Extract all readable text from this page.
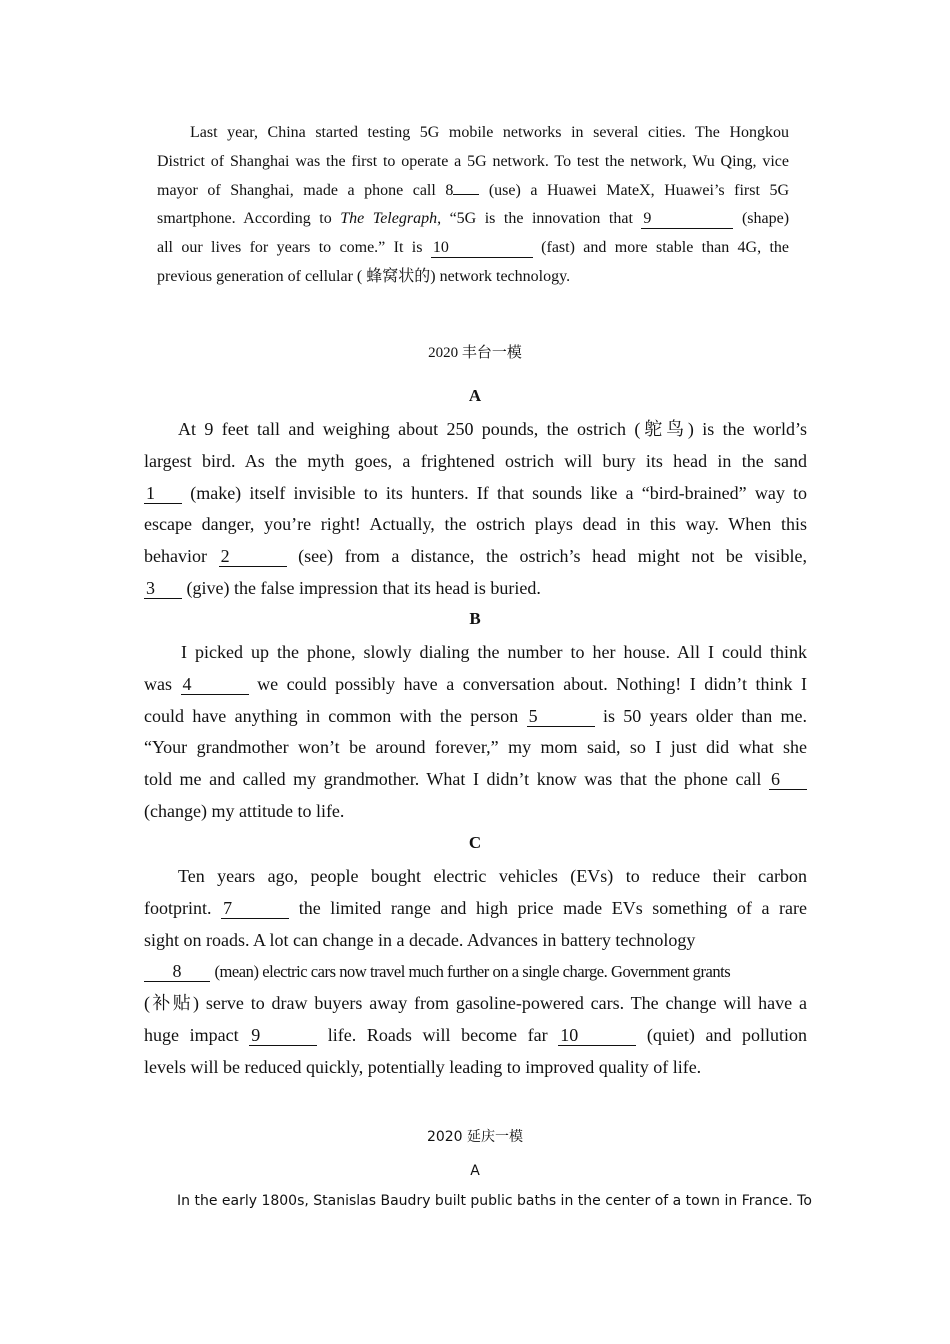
Last year, China started testing 5G mobile networks in several cities. The Hongkou

District of Shanghai was the first to operate a 5G network. To test the network, Wu Qing, vice

mayor of Shanghai, made a phone call 8 (use) a Huawei MateX, Huawei’s first 5G

smartphone. According to The Telegraph, “5G is the innovation that 9	(shape)

all our lives for years to come.” It is 10	(fast) and more stable than 4G, the

previous generation of cellular ( 蜂窝状的) network technology.

2020 丰台一模
A

At 9 feet tall and weighing about 250 pounds, the ostrich (鸵鸟) is the world’s

largest bird. As the myth goes, a frightened ostrich will bury its head in the sand

1 (make) itself invisible to its hunters. If that sounds like a “bird-brained” way to

escape danger, you’re right! Actually, the ostrich plays dead in this way. When this

behavior 2	(see) from a distance, the ostrich’s head might not be visible,

3 (give) the false impression that its head is buried.

B

I picked up the phone, slowly dialing the number to her house. All I could think

was 4	we could possibly have a conversation about. Nothing! I didn’t think I

could have anything in common with the person 5	is 50 years older than me.

“Your grandmother won’t be around forever,” my mom said, so I just did what she

told me and called my grandmother. What I didn’t know was that the phone call 6

(change) my attitude to life.

C

Ten years ago, people bought electric vehicles (EVs) to reduce their carbon

footprint. 7	the limited range and high price made EVs something of a rare

sight on roads. A lot can change in a decade. Advances in battery technology

8 (mean) electric cars now travel much further on a single charge. Government grants

(补贴) serve to draw buyers away from gasoline-powered cars. The change will have a

huge impact 9	life. Roads will become far 10	(quiet) and pollution

levels will be reduced quickly, potentially leading to improved quality of life.

2020 延庆一模
A
In the early 1800s, Stanislas Baudry built public baths in the center of a town in France. To
